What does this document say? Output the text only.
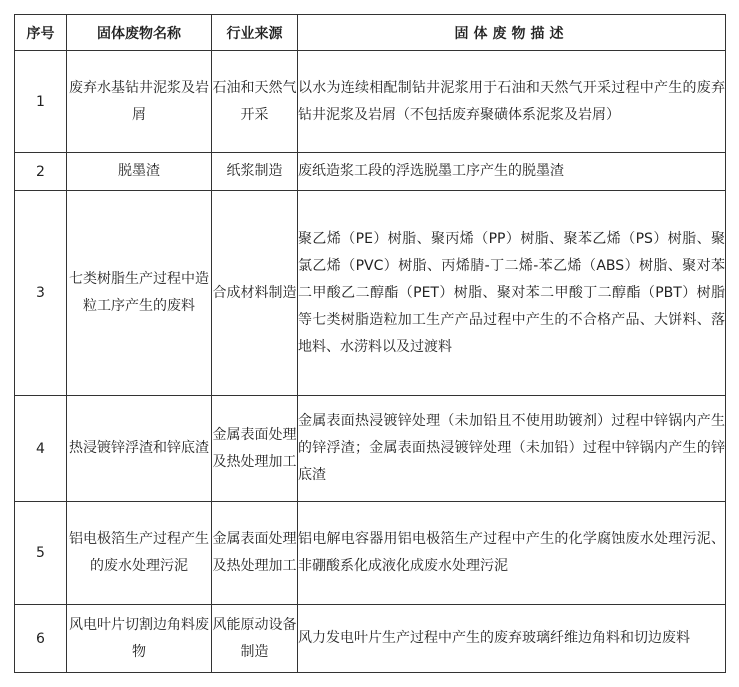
序号	固体废物名称	行业来源	固体废物描述
1	废弃水基钻井泥浆及岩屑	石油和天然气开采	以水为连续相配制钻井泥浆用于石油和天然气开采过程中产生的废弃钻井泥浆及岩屑（不包括废弃聚磺体系泥浆及岩屑）
2	脱墨渣	纸浆制造	废纸造浆工段的浮选脱墨工序产生的脱墨渣
3	七类树脂生产过程中造粒工序产生的废料	合成材料制造	聚乙烯（PE）树脂、聚丙烯（PP）树脂、聚苯乙烯（PS）树脂、聚氯乙烯（PVC）树脂、丙烯腈-丁二烯-苯乙烯（ABS）树脂、聚对苯二甲酸乙二醇酯（PET）树脂、聚对苯二甲酸丁二醇酯（PBT）树脂等七类树脂造粒加工生产产品过程中产生的不合格产品、大饼料、落地料、水涝料以及过渡料
4	热浸镀锌浮渣和锌底渣	金属表面处理及热处理加工	金属表面热浸镀锌处理（未加铅且不使用助镀剂）过程中锌锅内产生的锌浮渣；金属表面热浸镀锌处理（未加铅）过程中锌锅内产生的锌底渣
5	铝电极箔生产过程产生的废水处理污泥	金属表面处理及热处理加工	铝电解电容器用铝电极箔生产过程中产生的化学腐蚀废水处理污泥、非硼酸系化成液化成废水处理污泥
6	风电叶片切割边角料废物	风能原动设备制造	风力发电叶片生产过程中产生的废弃玻璃纤维边角料和切边废料
